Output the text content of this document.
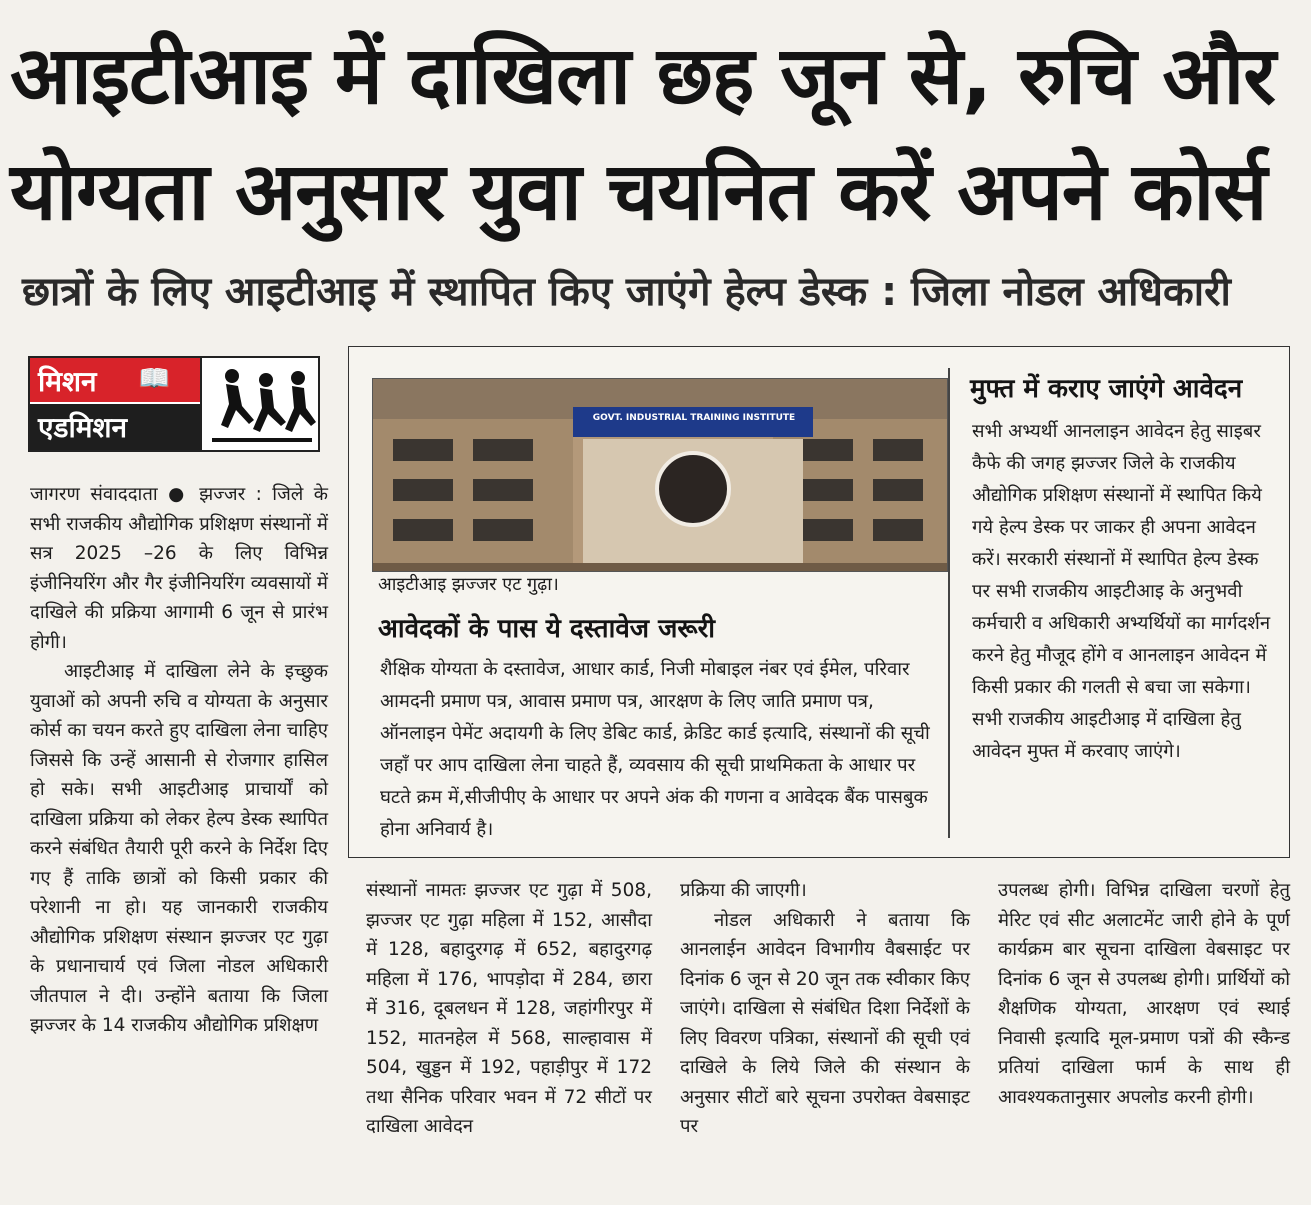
आइटीआइ में दाखिला छह जून से, रुचि और योग्यता अनुसार युवा चयनित करें अपने कोर्स
छात्रों के लिए आइटीआइ में स्थापित किए जाएंगे हेल्प डेस्क : जिला नोडल अधिकारी
मिशन 📖
एडमिशन

जागरण संवाददाता ● झज्जर : जिले के सभी राजकीय औद्योगिक प्रशिक्षण संस्थानों में सत्र 2025 –26 के लिए विभिन्न इंजीनियरिंग और गैर इंजीनियरिंग व्यवसायों में दाखिले की प्रक्रिया आगामी 6 जून से प्रारंभ होगी।

आइटीआइ में दाखिला लेने के इच्छुक युवाओं को अपनी रुचि व योग्यता के अनुसार कोर्स का चयन करते हुए दाखिला लेना चाहिए जिससे कि उन्हें आसानी से रोजगार हासिल हो सके। सभी आइटीआइ प्राचार्यों को दाखिला प्रक्रिया को लेकर हेल्प डेस्क स्थापित करने संबंधित तैयारी पूरी करने के निर्देश दिए गए हैं ताकि छात्रों को किसी प्रकार की परेशानी ना हो। यह जानकारी राजकीय औद्योगिक प्रशिक्षण संस्थान झज्जर एट गुढ़ा के प्रधानाचार्य एवं जिला नोडल अधिकारी जीतपाल ने दी। उन्होंने बताया कि जिला झज्जर के 14 राजकीय औद्योगिक प्रशिक्षण

GOVT. INDUSTRIAL TRAINING INSTITUTE

आइटीआइ झज्जर एट गुढ़ा।

आवेदकों के पास ये दस्तावेज जरूरी

शैक्षिक योग्यता के दस्तावेज, आधार कार्ड, निजी मोबाइल नंबर एवं ईमेल, परिवार आमदनी प्रमाण पत्र, आवास प्रमाण पत्र, आरक्षण के लिए जाति प्रमाण पत्र, ऑनलाइन पेमेंट अदायगी के लिए डेबिट कार्ड, क्रेडिट कार्ड इत्यादि, संस्थानों की सूची जहाँ पर आप दाखिला लेना चाहते हैं, व्यवसाय की सूची प्राथमिकता के आधार पर घटते क्रम में,सीजीपीए के आधार पर अपने अंक की गणना व आवेदक बैंक पासबुक होना अनिवार्य है।

मुफ्त में कराए जाएंगे आवेदन

सभी अभ्यर्थी आनलाइन आवेदन हेतु साइबर कैफे की जगह झज्जर जिले के राजकीय औद्योगिक प्रशिक्षण संस्थानों में स्थापित किये गये हेल्प डेस्क पर जाकर ही अपना आवेदन करें। सरकारी संस्थानों में स्थापित हेल्प डेस्क पर सभी राजकीय आइटीआइ के अनुभवी कर्मचारी व अधिकारी अभ्यर्थियों का मार्गदर्शन करने हेतु मौजूद होंगे व आनलाइन आवेदन में किसी प्रकार की गलती से बचा जा सकेगा। सभी राजकीय आइटीआइ में दाखिला हेतु आवेदन मुफ्त में करवाए जाएंगे।

संस्थानों नामतः झज्जर एट गुढ़ा में 508, झज्जर एट गुढ़ा महिला में 152, आसौदा में 128, बहादुरगढ़ में 652, बहादुरगढ़ महिला में 176, भापड़ोदा में 284, छारा में 316, दूबलधन में 128, जहांगीरपुर में 152, मातनहेल में 568, साल्हावास में 504, खुड्डन में 192, पहाड़ीपुर में 172 तथा सैनिक परिवार भवन में 72 सीटों पर दाखिला आवेदन

प्रक्रिया की जाएगी।

नोडल अधिकारी ने बताया कि आनलाईन आवेदन विभागीय वैबसाईट पर दिनांक 6 जून से 20 जून तक स्वीकार किए जाएंगे। दाखिला से संबंधित दिशा निर्देशों के लिए विवरण पत्रिका, संस्थानों की सूची एवं दाखिले के लिये जिले की संस्थान के अनुसार सीटों बारे सूचना उपरोक्त वेबसाइट पर

उपलब्ध होगी। विभिन्न दाखिला चरणों हेतु मेरिट एवं सीट अलाटमेंट जारी होने के पूर्ण कार्यक्रम बार सूचना दाखिला वेबसाइट पर दिनांक 6 जून से उपलब्ध होगी। प्रार्थियों को शैक्षणिक योग्यता, आरक्षण एवं स्थाई निवासी इत्यादि मूल-प्रमाण पत्रों की स्कैन्ड प्रतियां दाखिला फार्म के साथ ही आवश्यकतानुसार अपलोड करनी होगी।
